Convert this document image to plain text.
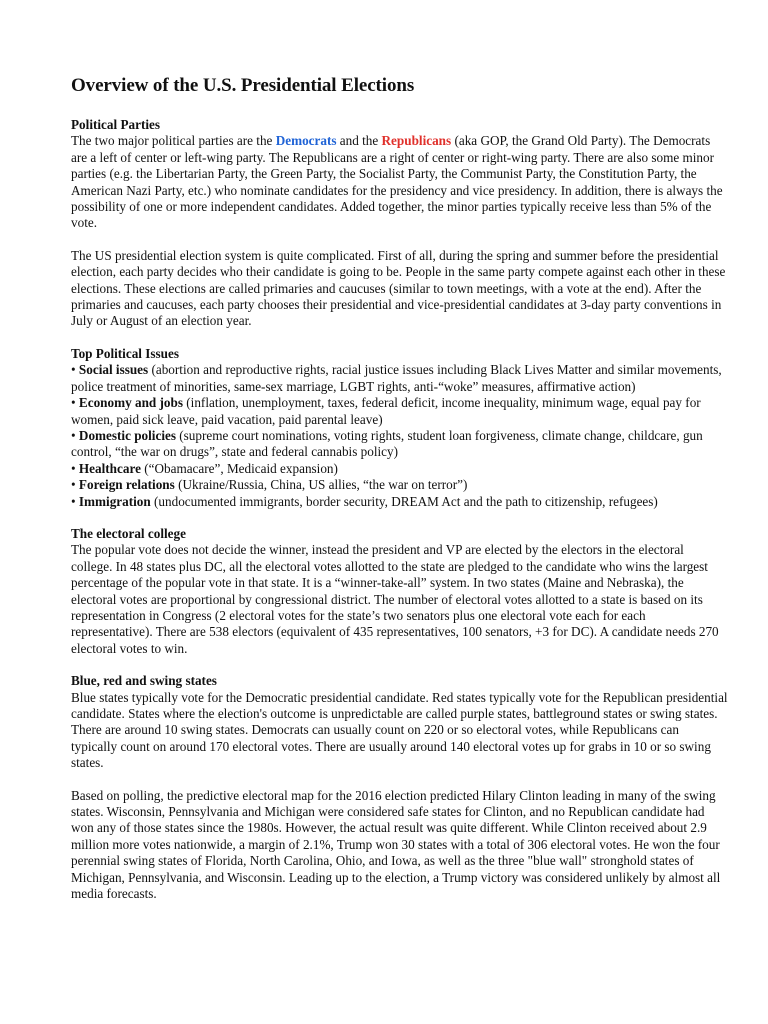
Overview of the U.S. Presidential Elections
Political Parties
The two major political parties are the Democrats and the Republicans (aka GOP, the Grand Old Party). The Democrats are a left of center or left-wing party. The Republicans are a right of center or right-wing party. There are also some minor parties (e.g. the Libertarian Party, the Green Party, the Socialist Party, the Communist Party, the Constitution Party, the American Nazi Party, etc.) who nominate candidates for the presidency and vice presidency. In addition, there is always the possibility of one or more independent candidates. Added together, the minor parties typically receive less than 5% of the vote.

The US presidential election system is quite complicated. First of all, during the spring and summer before the presidential election, each party decides who their candidate is going to be. People in the same party compete against each other in these elections. These elections are called primaries and caucuses (similar to town meetings, with a vote at the end). After the primaries and caucuses, each party chooses their presidential and vice-presidential candidates at 3-day party conventions in July or August of an election year.

Top Political Issues
• Social issues (abortion and reproductive rights, racial justice issues including Black Lives Matter and similar movements, police treatment of minorities, same-sex marriage, LGBT rights, anti-“woke” measures, affirmative action)
• Economy and jobs (inflation, unemployment, taxes, federal deficit, income inequality, minimum wage, equal pay for women, paid sick leave, paid vacation, paid parental leave)
• Domestic policies (supreme court nominations, voting rights, student loan forgiveness, climate change, childcare, gun control, “the war on drugs”, state and federal cannabis policy)
• Healthcare (“Obamacare”, Medicaid expansion)
• Foreign relations (Ukraine/Russia, China, US allies, “the war on terror”)
• Immigration (undocumented immigrants, border security, DREAM Act and the path to citizenship, refugees)
The electoral college
The popular vote does not decide the winner, instead the president and VP are elected by the electors in the electoral college. In 48 states plus DC, all the electoral votes allotted to the state are pledged to the candidate who wins the largest percentage of the popular vote in that state. It is a “winner-take-all” system. In two states (Maine and Nebraska), the electoral votes are proportional by congressional district. The number of electoral votes allotted to a state is based on its representation in Congress (2 electoral votes for the state’s two senators plus one electoral vote each for each representative). There are 538 electors (equivalent of 435 representatives, 100 senators, +3 for DC). A candidate needs 270 electoral votes to win.
Blue, red and swing states
Blue states typically vote for the Democratic presidential candidate. Red states typically vote for the Republican presidential candidate. States where the election's outcome is unpredictable are called purple states, battleground states or swing states. There are around 10 swing states. Democrats can usually count on 220 or so electoral votes, while Republicans can typically count on around 170 electoral votes. There are usually around 140 electoral votes up for grabs in 10 or so swing states.

Based on polling, the predictive electoral map for the 2016 election predicted Hilary Clinton leading in many of the swing states. Wisconsin, Pennsylvania and Michigan were considered safe states for Clinton, and no Republican candidate had won any of those states since the 1980s. However, the actual result was quite different. While Clinton received about 2.9 million more votes nationwide, a margin of 2.1%, Trump won 30 states with a total of 306 electoral votes. He won the four perennial swing states of Florida, North Carolina, Ohio, and Iowa, as well as the three "blue wall" stronghold states of Michigan, Pennsylvania, and Wisconsin. Leading up to the election, a Trump victory was considered unlikely by almost all media forecasts.
